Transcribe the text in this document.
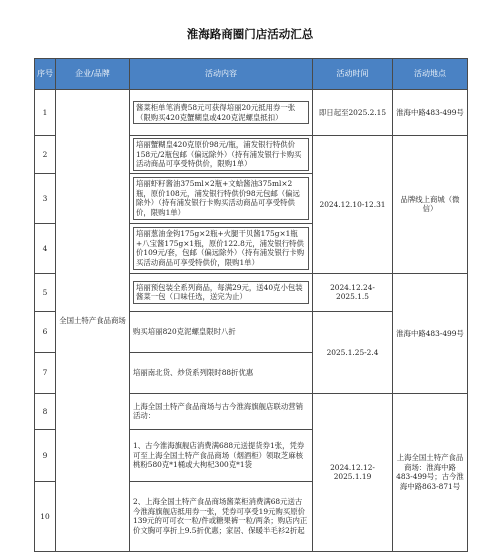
淮海路商圈门店活动汇总
序号	企业/品牌	活动内容	活动时间	活动地点
1	全国土特产食品商场	酱菜柜单笔消费58元可获得培丽20元抵用券一张（限购买420克蟹糊皇或420克泥螺皇抵扣）	即日起至2025.2.15	淮海中路483-499号
2		培丽蟹糊皇420克原价98元/瓶，浦发银行特供价158元/2瓶包邮（偏远除外）（持有浦发银行卡购买活动商品可享受特供价，限购1单）	2024.12.10-12.31	品牌线上商城（微信）
3		培丽虾籽酱油375ml×2瓶+文蛤酱油375ml×2瓶，原价108元，浦发银行特供价98元包邮（偏远除外）（持有浦发银行卡购买活动商品可享受特供价，限购1单）		

4		培丽葱油金钩175g×2瓶+火腿干贝酱175g×1瓶+八宝酱175g×1瓶，原价122.8元，浦发银行特供价109元/套，包邮（偏远除外）（持有浦发银行卡购买活动商品可享受特供价，限购1单）		

5		培丽预包装全系列商品，每满29元，送40克小包装酱菜一包（口味任选，送完为止）	2024.12.24-2025.1.5	淮海中路483-499号
6		购买培丽820克泥螺皇限时八折	2025.1.25-2.4	
7		培丽南北货、炒货系列限时88折优惠		
8		上海全国土特产食品商场与古今淮海旗舰店联动营销活动：	2024.12.12-2025.1.19	上海全国土特产食品商场：淮海中路483-499号；古今淮海中路863-871号
9		1、古今淮海旗舰店消费满688元送提货券1张，凭券可至上海全国土特产食品商场（烟酒柜）领取芝麻核桃粉580克*1桶或大枸杞300克*1袋		
10		2、上海全国土特产食品商场酱菜柜消费满68元送古今淮海旗舰店抵用券一张，凭券可享受19元购买原价139元的可可衣一粒/件或糖果裤一粒/两条；购店内正价文胸可享折上9.5折优惠；家居、保暖半毛衫2折起		
